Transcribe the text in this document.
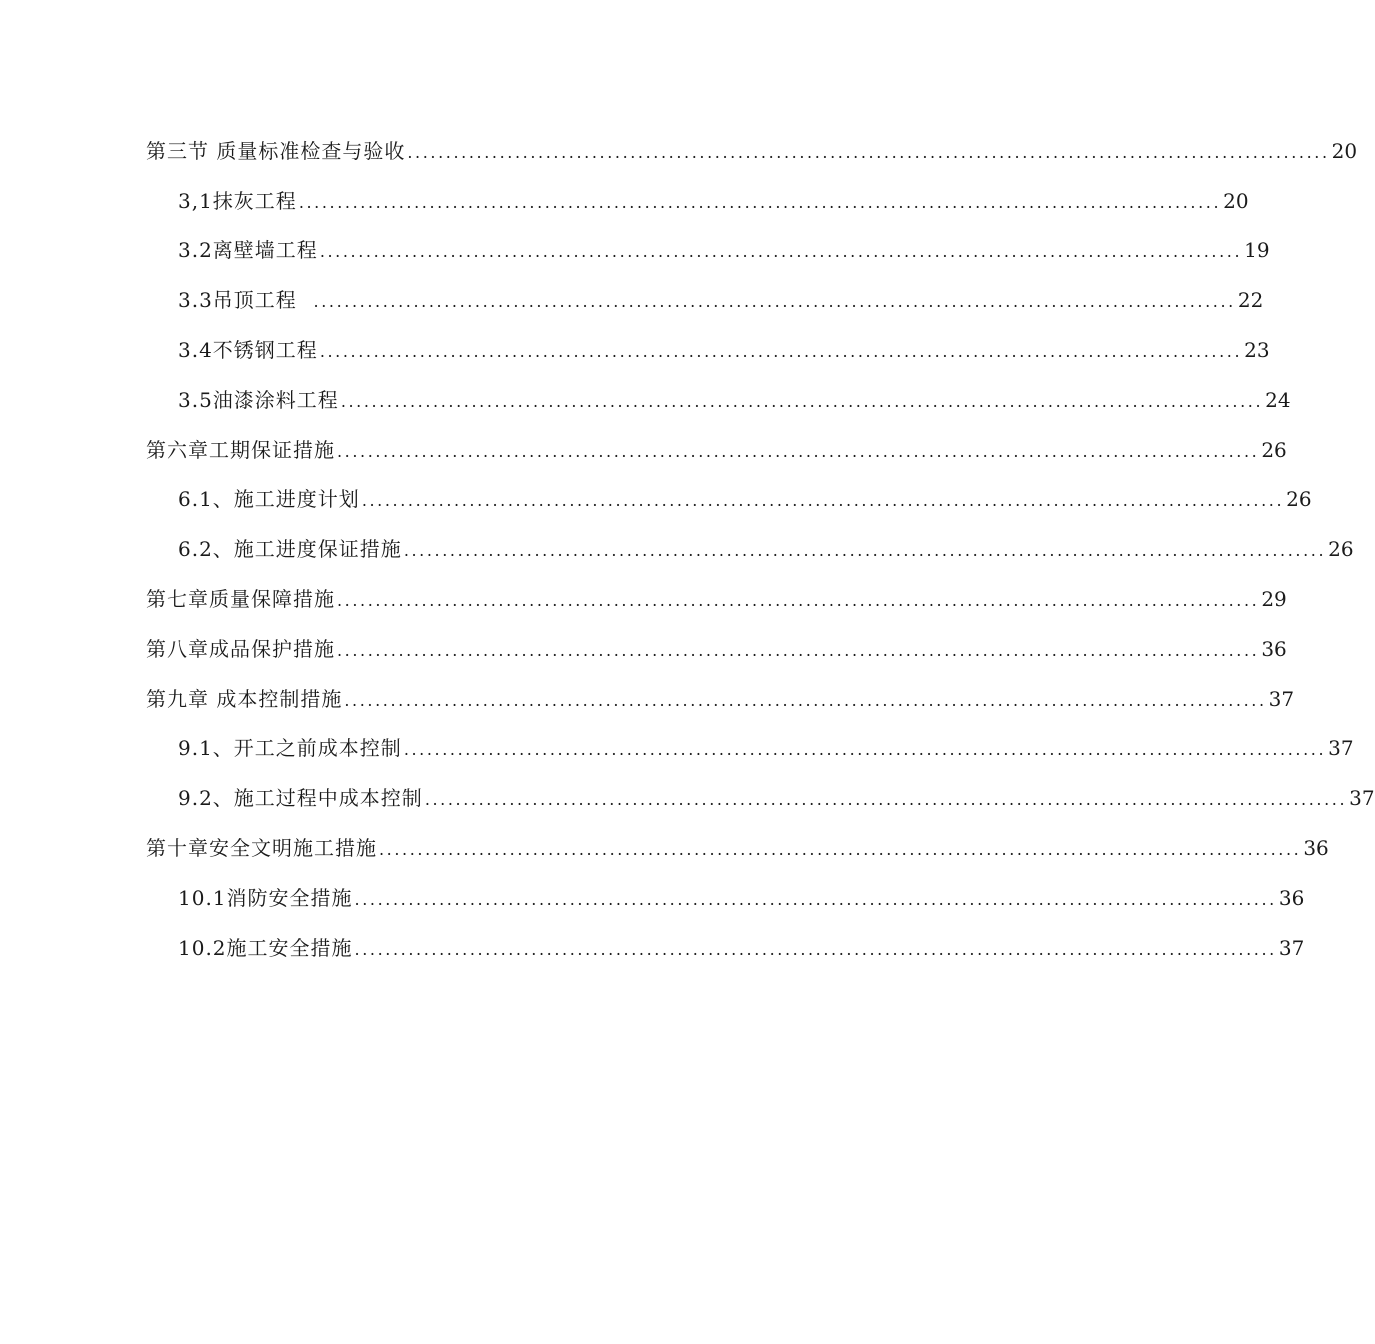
第三节 质量标准检查与验收 ........................................................................................................................ 20
3,1抹灰工程 ........................................................................................................................ 20
3.2离壁墙工程 ........................................................................................................................ 19
3.3吊顶工程 ........................................................................................................................ 22
3.4不锈钢工程 ........................................................................................................................ 23
3.5油漆涂料工程 ........................................................................................................................ 24
第六章工期保证措施 ........................................................................................................................ 26
6.1、施工进度计划 ........................................................................................................................ 26
6.2、施工进度保证措施 ........................................................................................................................ 26
第七章质量保障措施 ........................................................................................................................ 29
第八章成品保护措施 ........................................................................................................................ 36
第九章 成本控制措施 ........................................................................................................................ 37
9.1、开工之前成本控制 ........................................................................................................................ 37
9.2、施工过程中成本控制 ........................................................................................................................ 37
第十章安全文明施工措施 ........................................................................................................................ 36
10.1消防安全措施 ........................................................................................................................ 36
10.2施工安全措施 ........................................................................................................................ 37
